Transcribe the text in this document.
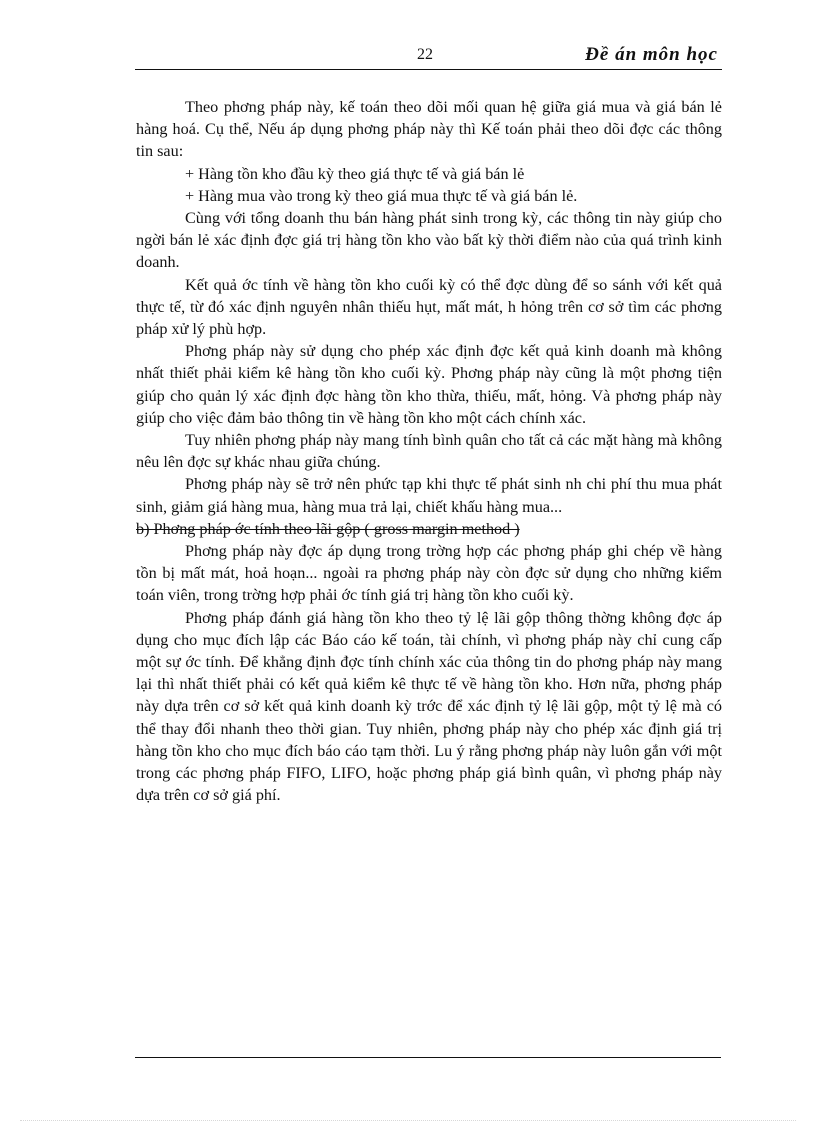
22	Đề án môn học

Theo phơng pháp này, kế toán theo dõi mối quan hệ giữa giá mua và giá bán lẻ hàng hoá. Cụ thể, Nếu áp dụng phơng pháp này thì Kế toán phải theo dõi đợc các thông tin sau:

+ Hàng tồn kho đầu kỳ theo giá thực tế và giá bán lẻ

+ Hàng mua vào trong kỳ theo giá mua thực tế và giá bán lẻ.

Cùng với tổng doanh thu bán hàng phát sinh trong kỳ, các thông tin này giúp cho ngời bán lẻ xác định đợc giá trị hàng tồn kho vào bất kỳ thời điểm nào của quá trình kinh doanh.

Kết quả ớc tính về hàng tồn kho cuối kỳ có thể đợc dùng để so sánh với kết quả thực tế, từ đó xác định nguyên nhân thiếu hụt, mất mát, h hỏng trên cơ sở tìm các phơng pháp xử lý phù hợp.

Phơng pháp này sử dụng cho phép xác định đợc kết quả kinh doanh mà không nhất thiết phải kiểm kê hàng tồn kho cuối kỳ. Phơng pháp này cũng là một phơng tiện giúp cho quản lý xác định đợc hàng tồn kho thừa, thiếu, mất, hỏng. Và phơng pháp này giúp cho việc đảm bảo thông tin về hàng tồn kho một cách chính xác.

Tuy nhiên phơng pháp này mang tính bình quân cho tất cả các mặt hàng mà không nêu lên đợc sự khác nhau giữa chúng.

Phơng pháp này sẽ trở nên phức tạp khi thực tế phát sinh nh chi phí thu mua phát sinh, giảm giá hàng mua, hàng mua trả lại, chiết khấu hàng mua...

b) Phơng pháp ớc tính theo lãi gộp ( gross margin method )

Phơng pháp này đợc áp dụng trong trờng hợp các phơng pháp ghi chép về hàng tồn bị mất mát, hoả hoạn... ngoài ra phơng pháp này còn đợc sử dụng cho những kiểm toán viên, trong trờng hợp phải ớc tính giá trị hàng tồn kho cuối kỳ.

Phơng pháp đánh giá hàng tồn kho theo tỷ lệ lãi gộp thông thờng không đợc áp dụng cho mục đích lập các Báo cáo kế toán, tài chính, vì phơng pháp này chỉ cung cấp một sự ớc tính. Để khẳng định đợc tính chính xác của thông tin do phơng pháp này mang lại thì nhất thiết phải có kết quả kiểm kê thực tế về hàng tồn kho. Hơn nữa, phơng pháp này dựa trên cơ sở kết quả kinh doanh kỳ trớc để xác định tỷ lệ lãi gộp, một tỷ lệ mà có thể thay đổi nhanh theo thời gian. Tuy nhiên, phơng pháp này cho phép xác định giá trị hàng tồn kho cho mục đích báo cáo tạm thời. Lu ý rằng phơng pháp này luôn gắn với một trong các phơng pháp FIFO, LIFO, hoặc phơng pháp giá bình quân, vì phơng pháp này dựa trên cơ sở giá phí.
